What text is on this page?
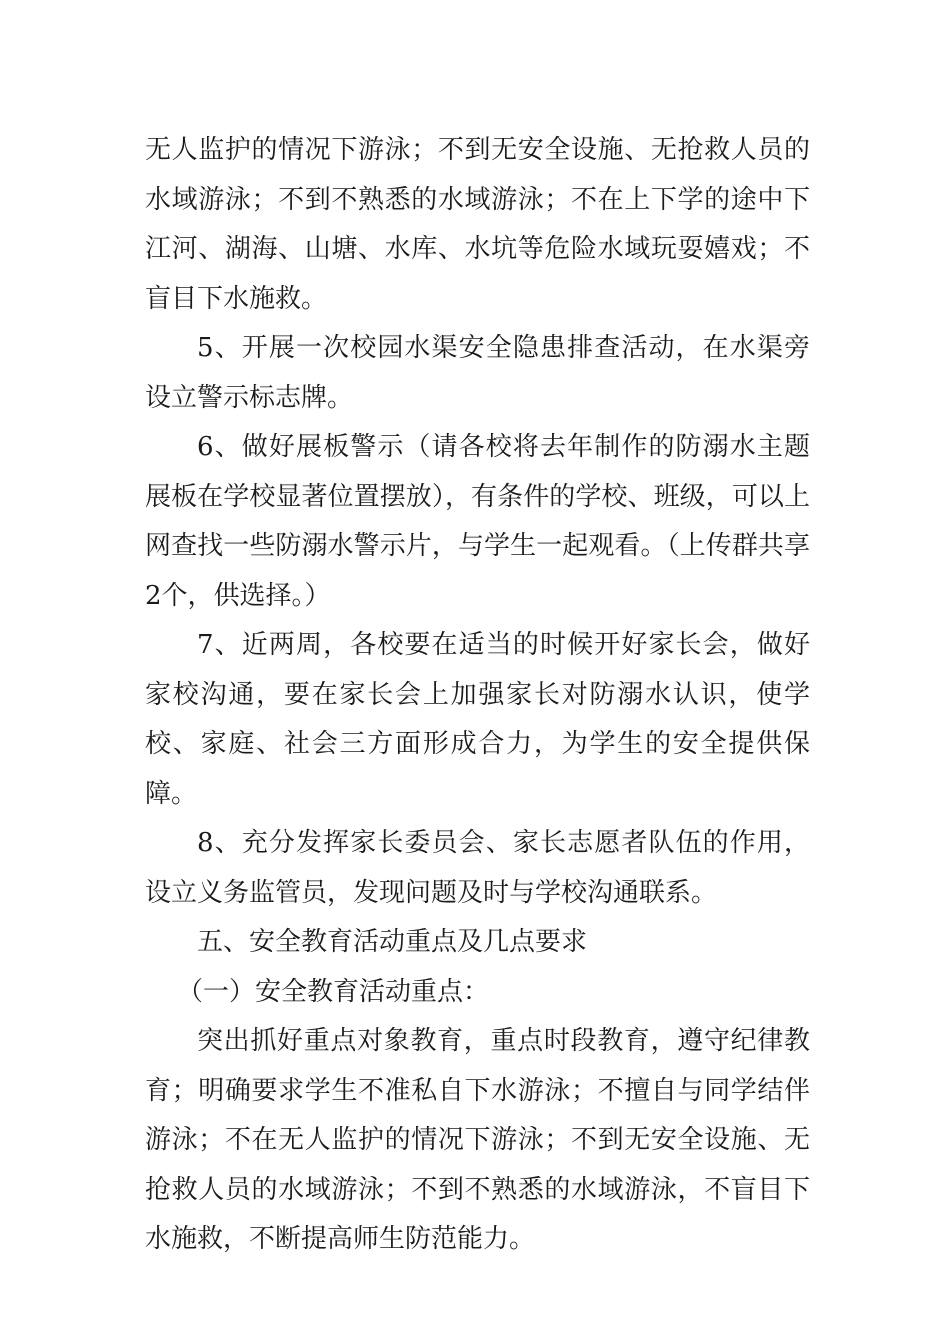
无人监护的情况下游泳；不到无安全设施、无抢救人员的水域游泳；不到不熟悉的水域游泳；不在上下学的途中下江河、湖海、山塘、水库、水坑等危险水域玩耍嬉戏；不盲目下水施救。

5、开展一次校园水渠安全隐患排查活动，在水渠旁设立警示标志牌。

6、做好展板警示（请各校将去年制作的防溺水主题展板在学校显著位置摆放），有条件的学校、班级，可以上网查找一些防溺水警示片，与学生一起观看。（上传群共享2个，供选择。）

7、近两周，各校要在适当的时候开好家长会，做好家校沟通，要在家长会上加强家长对防溺水认识，使学校、家庭、社会三方面形成合力，为学生的安全提供保障。

8、充分发挥家长委员会、家长志愿者队伍的作用，设立义务监管员，发现问题及时与学校沟通联系。

五、安全教育活动重点及几点要求

（一）安全教育活动重点：

突出抓好重点对象教育，重点时段教育，遵守纪律教育；明确要求学生不准私自下水游泳；不擅自与同学结伴游泳；不在无人监护的情况下游泳；不到无安全设施、无抢救人员的水域游泳；不到不熟悉的水域游泳，不盲目下水施救，不断提高师生防范能力。
